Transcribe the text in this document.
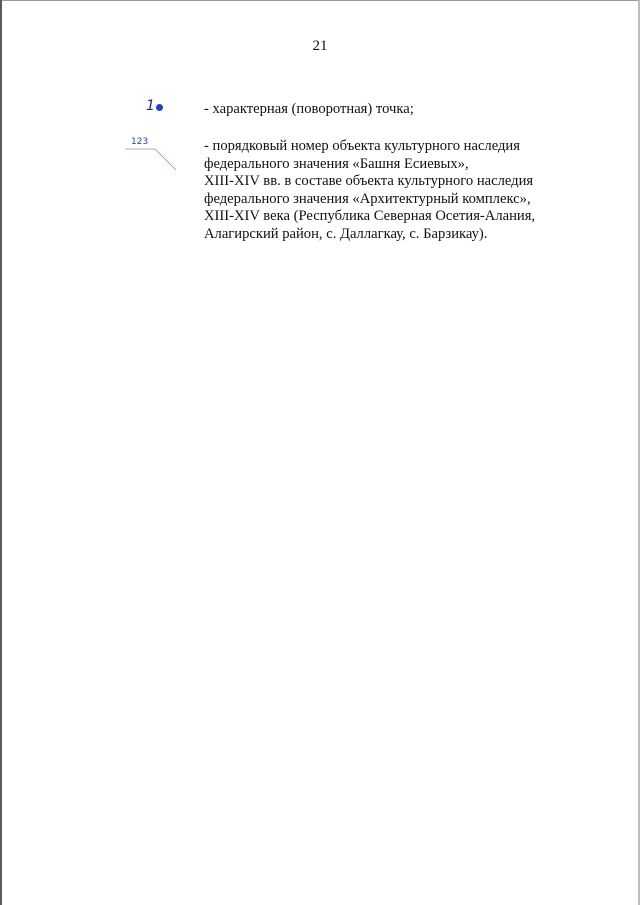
21
1	- характерная (поворотная) точка;
123	- порядковый номер объекта культурного наследия
федерального значения «Башня Есиевых»,
XIII-XIV вв. в составе объекта культурного наследия
федерального значения «Архитектурный комплекс»,
XIII-XIV века (Республика Северная Осетия-Алания,
Алагирский район, с. Даллагкау, с. Барзикау).
